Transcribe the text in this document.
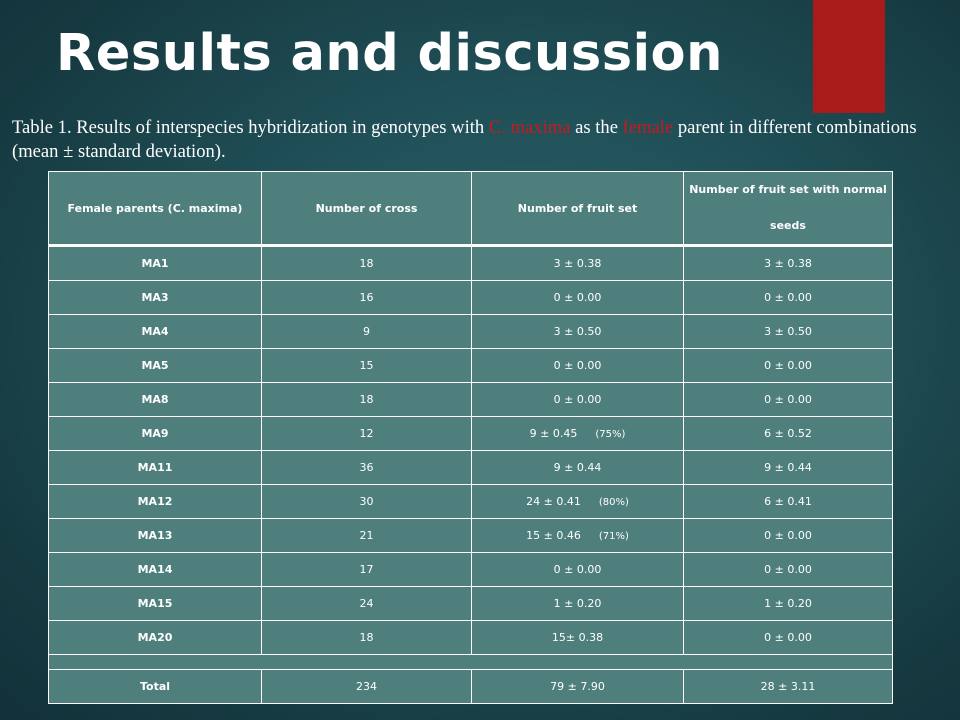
Results and discussion
Table 1. Results of interspecies hybridization in genotypes with C. maxima as the female parent in different combinations (mean ± standard deviation).
Female parents (C. maxima)	Number of cross	Number of fruit set	Number of fruit set with normal seeds

MA1	18	3 ± 0.38	3 ± 0.38
MA3	16	0 ± 0.00	0 ± 0.00
MA4	9	3 ± 0.50	3 ± 0.50
MA5	15	0 ± 0.00	0 ± 0.00
MA8	18	0 ± 0.00	0 ± 0.00
MA9	12	9 ± 0.45 (75%)	6 ± 0.52
MA11	36	9 ± 0.44	9 ± 0.44
MA12	30	24 ± 0.41 (80%)	6 ± 0.41
MA13	21	15 ± 0.46 (71%)	0 ± 0.00
MA14	17	0 ± 0.00	0 ± 0.00
MA15	24	1 ± 0.20	1 ± 0.20
MA20	18	15± 0.38	0 ± 0.00

Total	234	79 ± 7.90	28 ± 3.11
